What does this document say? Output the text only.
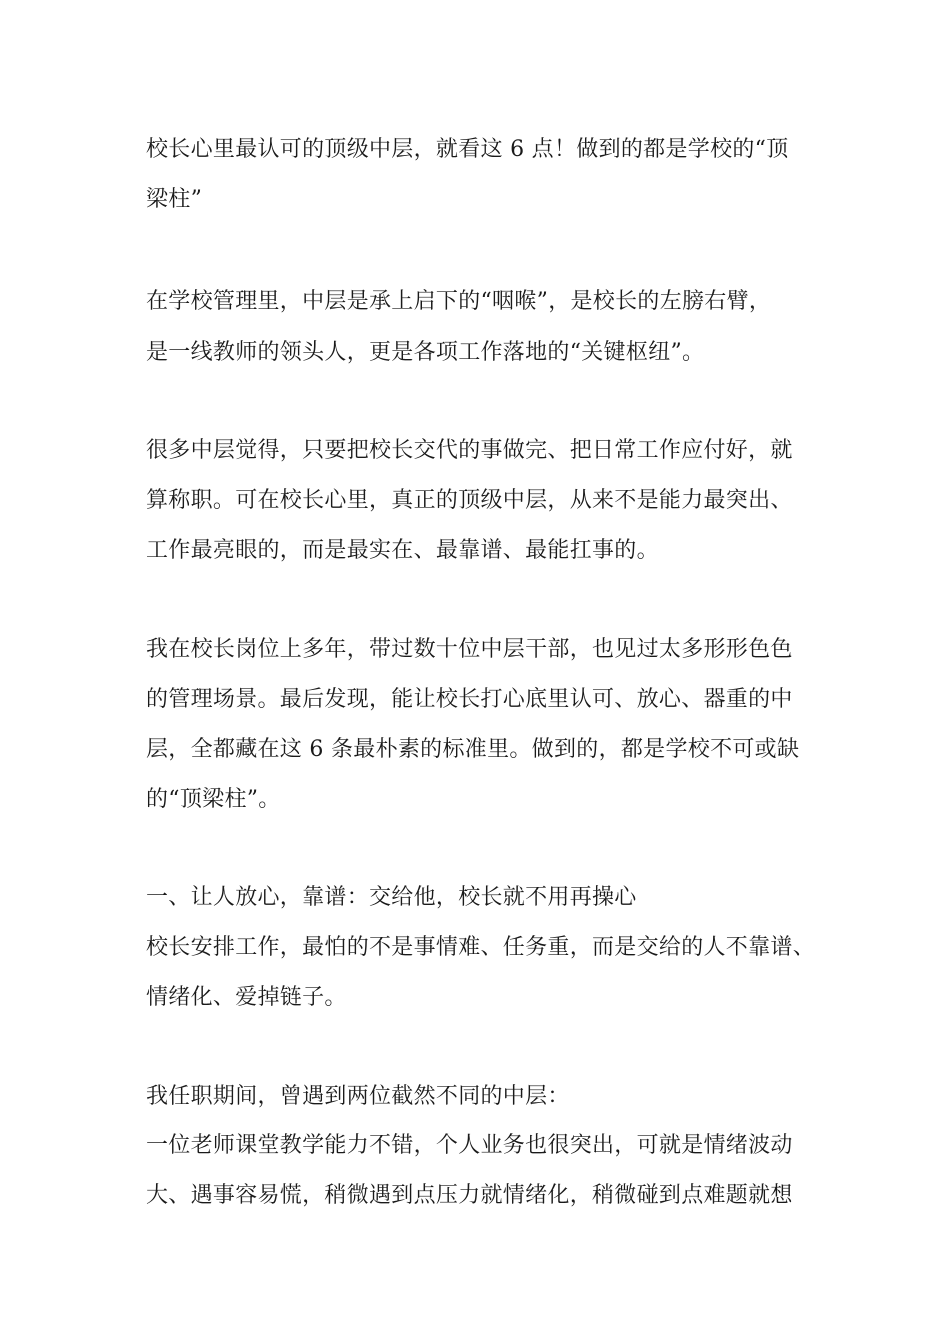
校长心里最认可的顶级中层，就看这 6 点！做到的都是学校的“顶
梁柱”
在学校管理里，中层是承上启下的“咽喉”，是校长的左膀右臂，
是一线教师的领头人，更是各项工作落地的“关键枢纽”。
很多中层觉得，只要把校长交代的事做完、把日常工作应付好，就
算称职。可在校长心里，真正的顶级中层，从来不是能力最突出、
工作最亮眼的，而是最实在、最靠谱、最能扛事的。
我在校长岗位上多年，带过数十位中层干部，也见过太多形形色色
的管理场景。最后发现，能让校长打心底里认可、放心、器重的中
层，全都藏在这 6 条最朴素的标准里。做到的，都是学校不可或缺
的“顶梁柱”。
一、让人放心，靠谱：交给他，校长就不用再操心
校长安排工作，最怕的不是事情难、任务重，而是交给的人不靠谱、
情绪化、爱掉链子。
我任职期间，曾遇到两位截然不同的中层：
一位老师课堂教学能力不错，个人业务也很突出，可就是情绪波动
大、遇事容易慌，稍微遇到点压力就情绪化，稍微碰到点难题就想
